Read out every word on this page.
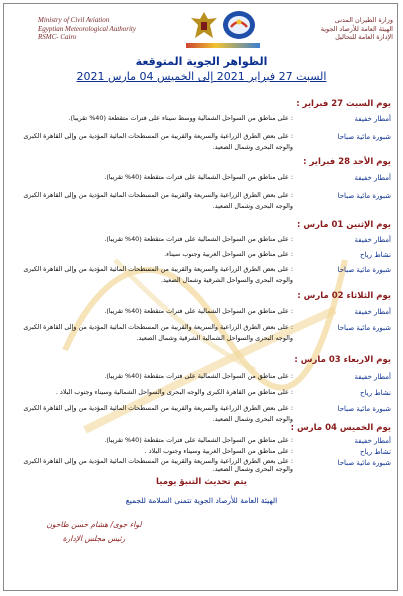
Ministry of Civil Aviation
Egyptian Meteorological Authority
RSMC- Cairo
وزارة الطيران المدنى
الهيئة العامة للأرصاد الجوية
الإدارة العامة للتحاليل
الظواهر الجوية المتوقعة
السبت 27 فبراير 2021 إلى الخميس 04 مارس 2021
يوم السبت 27 فبراير :
أمطار خفيفة
: على مناطق من السواحل الشمالية ووسط سيناء على فترات متقطعة (40% تقريبا).
شبورة مائية صباحا
: على بعض الطرق الزراعية والسريعة والقريبة من المسطحات المائية المؤدية من وإلى القاهرة الكبرى والوجه البحرى وشمال الصعيد.
يوم الأحد 28 فبراير :
أمطار خفيفة
: على مناطق من السواحل الشمالية على فترات متقطعة (40% تقريبا).
شبورة مائية صباحا
: على بعض الطرق الزراعية والسريعة والقريبة من المسطحات المائية المؤدية من وإلى القاهرة الكبرى والوجه البحرى وشمال الصعيد.
يوم الإثنين 01 مارس :
أمطار خفيفة
: على مناطق من السواحل الشمالية على فترات متقطعة (40% تقريبا).
نشاط رياح
: على مناطق من السواحل الغربية وجنوب سيناء.
شبورة مائية صباحا
: على بعض الطرق الزراعية والسريعة والقريبة من المسطحات المائية المؤدية من وإلى القاهرة الكبرى والوجه البحرى والسواحل الشرقية وشمال الصعيد.
يوم الثلاثاء 02 مارس :
أمطار خفيفة
: على مناطق من السواحل الشمالية على فترات متقطعة (40% تقريبا).
شبورة مائية صباحا
: على بعض الطرق الزراعية والسريعة والقريبة من المسطحات المائية المؤدية من وإلى القاهرة الكبرى والوجه البحرى والسواحل الشمالية الشرقية وشمال الصعيد.
يوم الاربعاء 03 مارس :
أمطار خفيفة
: على مناطق من السواحل الشمالية على فترات متقطعة (40% تقريبا).
نشاط رياح
: على مناطق من القاهرة الكبرى والوجه البحرى والسواحل الشمالية وسيناء وجنوب البلاد .
شبورة مائية صباحا
: على بعض الطرق الزراعية والسريعة والقريبة من المسطحات المائية المؤدية من وإلى القاهرة الكبرى والوجه البحرى وشمال الصعيد.
يوم الخميس 04 مارس :
أمطار خفيفة
: على مناطق من السواحل الشمالية على فترات متقطعة (40% تقريبا).
نشاط رياح
: على مناطق من السواحل الغربية وسيناء وجنوب البلاد .
شبورة مائية صباحا
: على بعض الطرق الزراعية والسريعة والقريبة من المسطحات المائية المؤدية من وإلى القاهرة الكبرى والوجه البحرى وشمال الصعيد.
يتم تحديث التنبؤ يوميا
الهيئة العامة للأرصاد الجوية تتمنى السلامة للجميع
لواء جوى/ هشام حسن طاحون
رئيس مجلس الإدارة
